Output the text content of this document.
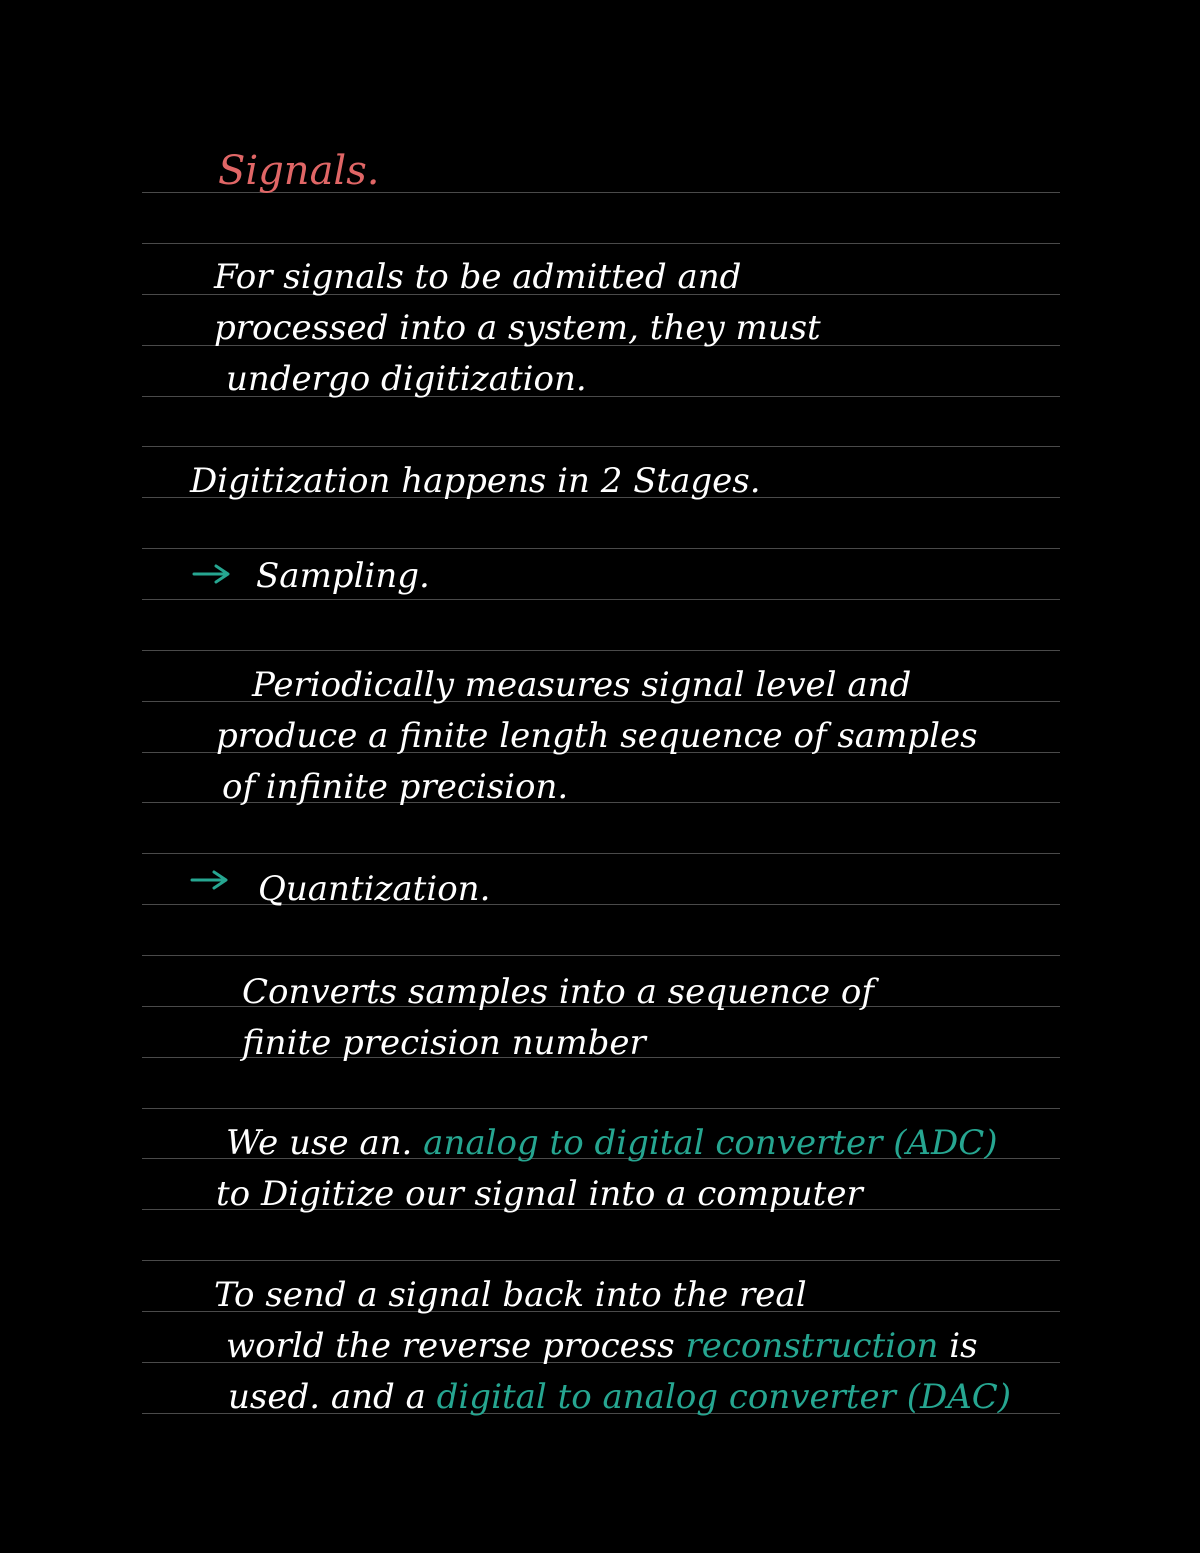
Signals.

For signals to be admitted and

processed into a system, they must

undergo digitization.

Digitization happens in 2 Stages.

Sampling.

Periodically measures signal level and

produce a finite length sequence of samples

of infinite precision.

Quantization.

Converts samples into a sequence of

finite precision number

We use an. analog to digital converter (ADC)

to Digitize our signal into a computer

To send a signal back into the real

world the reverse process reconstruction is

used. and a digital to analog converter (DAC)
